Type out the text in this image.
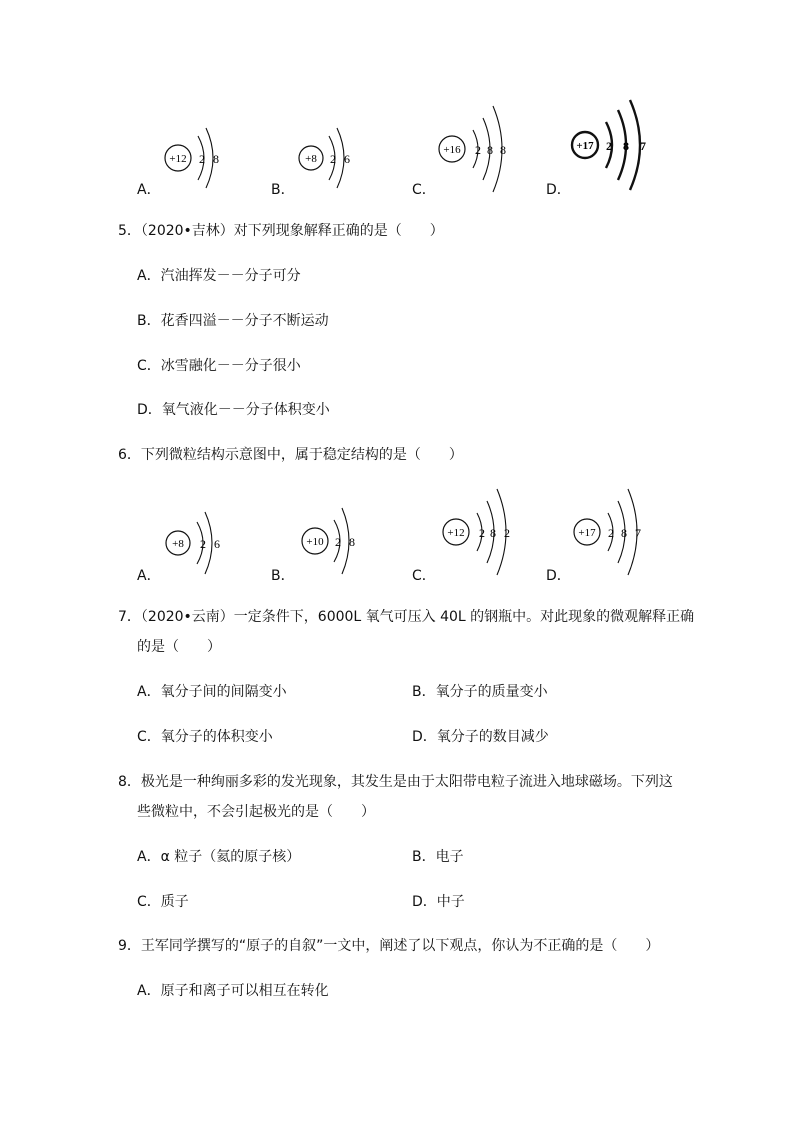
A．
+12 2 8
B．
+8 2 6
C．
+16 2 8 8
D．
+17 2 8 7
5．（2020•吉林）对下列现象解释正确的是（　　）
A．汽油挥发－－分子可分
B．花香四溢－－分子不断运动
C．冰雪融化－－分子很小
D．氧气液化－－分子体积变小
6．下列微粒结构示意图中，属于稳定结构的是（　　）
A．
+8 2 6
B．
+10 2 8
C．
+12 2 8 2
D．
+17 2 8 7
7．（2020•云南）一定条件下，6000L 氧气可压入 40L 的钢瓶中。对此现象的微观解释正确
的是（　　）
A．氧分子间的间隔变小	B．氧分子的质量变小
C．氧分子的体积变小	D．氧分子的数目减少
8．极光是一种绚丽多彩的发光现象，其发生是由于太阳带电粒子流进入地球磁场。下列这
些微粒中，不会引起极光的是（　　）
A．α 粒子（氦的原子核）	B．电子
C．质子	D．中子
9．王军同学撰写的“原子的自叙”一文中，阐述了以下观点，你认为不正确的是（　　）
A．原子和离子可以相互在转化
